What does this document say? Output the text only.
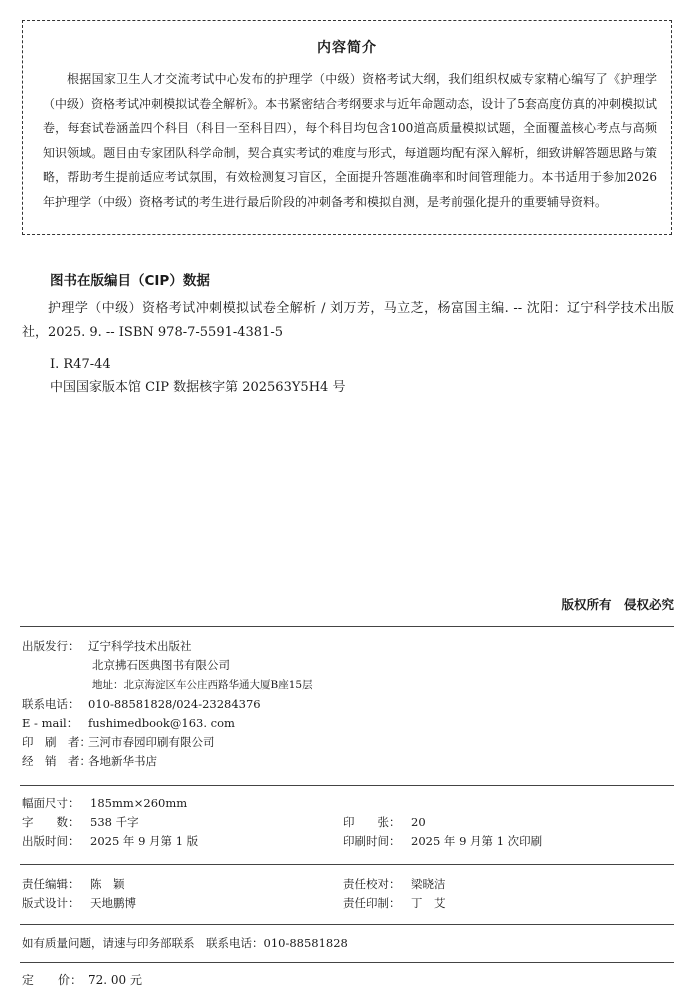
内容简介
根据国家卫生人才交流考试中心发布的护理学（中级）资格考试大纲，我们组织权威专家精心编写了《护理学（中级）资格考试冲刺模拟试卷全解析》。本书紧密结合考纲要求与近年命题动态，设计了5套高度仿真的冲刺模拟试卷，每套试卷涵盖四个科目（科目一至科目四），每个科目均包含100道高质量模拟试题，全面覆盖核心考点与高频知识领域。题目由专家团队科学命制，契合真实考试的难度与形式，每道题均配有深入解析，细致讲解答题思路与策略，帮助考生提前适应考试氛围，有效检测复习盲区，全面提升答题准确率和时间管理能力。本书适用于参加2026年护理学（中级）资格考试的考生进行最后阶段的冲刺备考和模拟自测，是考前强化提升的重要辅导资料。
图书在版编目（CIP）数据
护理学（中级）资格考试冲刺模拟试卷全解析 / 刘万芳，马立芝，杨富国主编. -- 沈阳：辽宁科学技术出版社，2025. 9. -- ISBN 978-7-5591-4381-5
Ⅰ. R47-44
中国国家版本馆 CIP 数据核字第 202563Y5H4 号
版权所有　侵权必究
出版发行： 辽宁科学技术出版社
北京拂石医典图书有限公司
地址：北京海淀区车公庄西路华通大厦B座15层
联系电话： 010-88581828/024-23284376
E - mail： fushimedbook@163. com
印　刷　者：三河市春园印刷有限公司
经　销　者：各地新华书店
幅面尺寸： 185mm×260mm
字　　数： 538 千字	印　　张： 20
出版时间： 2025 年 9 月第 1 版	印刷时间： 2025 年 9 月第 1 次印刷
责任编辑： 陈　颖	责任校对： 梁晓洁
版式设计： 天地鹏博	责任印制： 丁　艾
如有质量问题，请速与印务部联系　联系电话：010-88581828
定　　价： 72. 00 元
